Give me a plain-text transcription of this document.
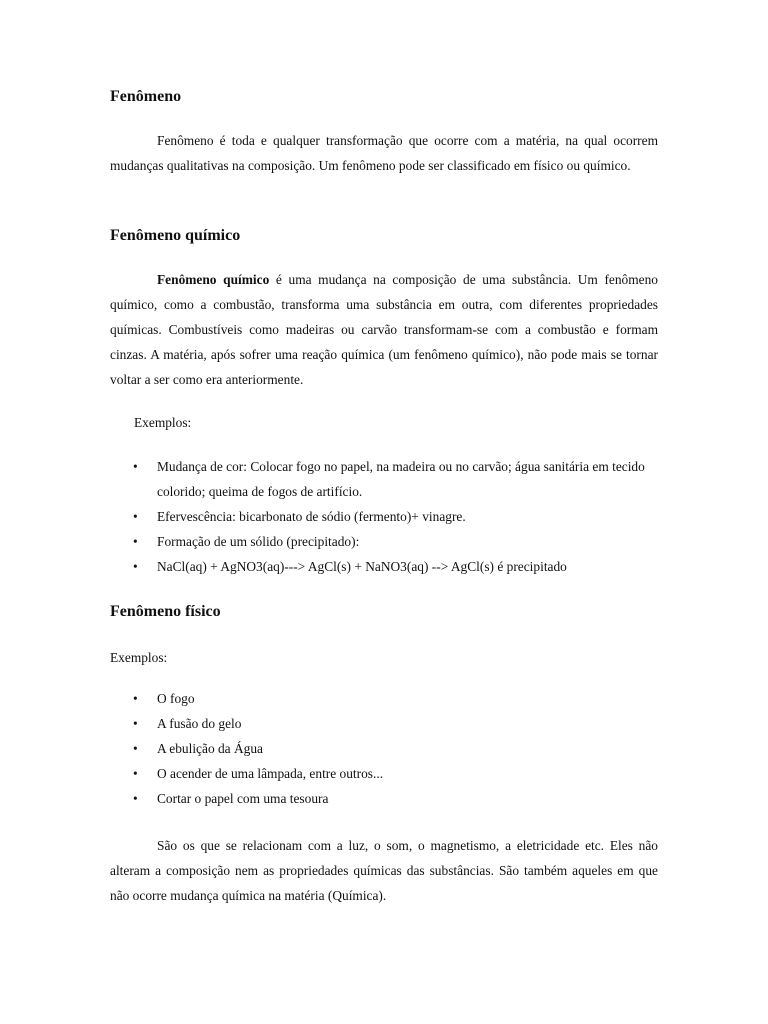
Fenômeno

Fenômeno é toda e qualquer transformação que ocorre com a matéria, na qual ocorrem mudanças qualitativas na composição. Um fenômeno pode ser classificado em físico ou químico.

Fenômeno químico

Fenômeno químico é uma mudança na composição de uma substância. Um fenômeno químico, como a combustão, transforma uma substância em outra, com diferentes propriedades químicas. Combustíveis como madeiras ou carvão transformam-se com a combustão e formam cinzas. A matéria, após sofrer uma reação química (um fenômeno químico), não pode mais se tornar voltar a ser como era anteriormente.

Exemplos:
• Mudança de cor: Colocar fogo no papel, na madeira ou no carvão; água sanitária em tecido colorido; queima de fogos de artifício.
• Efervescência: bicarbonato de sódio (fermento)+ vinagre.
• Formação de um sólido (precipitado):
• NaCl(aq) + AgNO3(aq)---> AgCl(s) + NaNO3(aq) --> AgCl(s) é precipitado
Fenômeno físico
Exemplos:
• O fogo
• A fusão do gelo
• A ebulição da Água
• O acender de uma lâmpada, entre outros...
• Cortar o papel com uma tesoura

São os que se relacionam com a luz, o som, o magnetismo, a eletricidade etc. Eles não alteram a composição nem as propriedades químicas das substâncias. São também aqueles em que não ocorre mudança química na matéria (Química).
